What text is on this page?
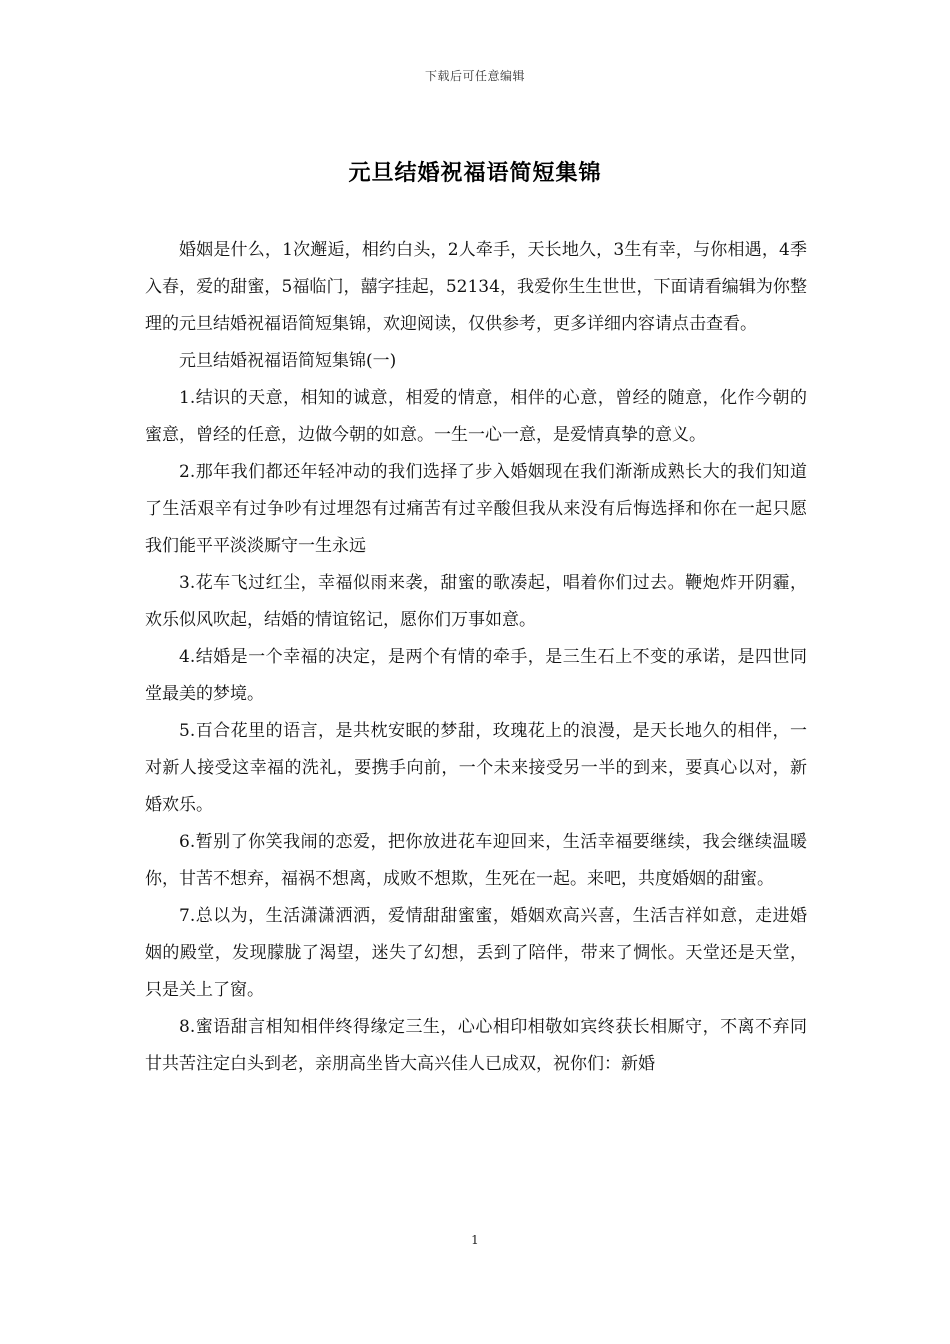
下载后可任意编辑
元旦结婚祝福语简短集锦

婚姻是什么，1次邂逅，相约白头，2人牵手，天长地久，3生有幸，与你相遇，4季入春，爱的甜蜜，5福临门，囍字挂起，52134，我爱你生生世世，下面请看编辑为你整理的元旦结婚祝福语简短集锦，欢迎阅读，仅供参考，更多详细内容请点击查看。

元旦结婚祝福语简短集锦(一)

1.结识的天意，相知的诚意，相爱的情意，相伴的心意，曾经的随意，化作今朝的蜜意，曾经的任意，边做今朝的如意。一生一心一意，是爱情真挚的意义。

2.那年我们都还年轻冲动的我们选择了步入婚姻现在我们渐渐成熟长大的我们知道了生活艰辛有过争吵有过埋怨有过痛苦有过辛酸但我从来没有后悔选择和你在一起只愿我们能平平淡淡厮守一生永远

3.花车飞过红尘，幸福似雨来袭，甜蜜的歌凑起，唱着你们过去。鞭炮炸开阴霾，欢乐似风吹起，结婚的情谊铭记，愿你们万事如意。

4.结婚是一个幸福的决定，是两个有情的牵手，是三生石上不变的承诺，是四世同堂最美的梦境。

5.百合花里的语言，是共枕安眠的梦甜，玫瑰花上的浪漫，是天长地久的相伴，一对新人接受这幸福的洗礼，要携手向前，一个未来接受另一半的到来，要真心以对，新婚欢乐。

6.暂别了你笑我闹的恋爱，把你放进花车迎回来，生活幸福要继续，我会继续温暖你，甘苦不想弃，福祸不想离，成败不想欺，生死在一起。来吧，共度婚姻的甜蜜。

7.总以为，生活潇潇洒洒，爱情甜甜蜜蜜，婚姻欢高兴喜，生活吉祥如意，走进婚姻的殿堂，发现朦胧了渴望，迷失了幻想，丢到了陪伴，带来了惆怅。天堂还是天堂，只是关上了窗。

8.蜜语甜言相知相伴终得缘定三生，心心相印相敬如宾终获长相厮守，不离不弃同甘共苦注定白头到老，亲朋高坐皆大高兴佳人已成双，祝你们：新婚

1
